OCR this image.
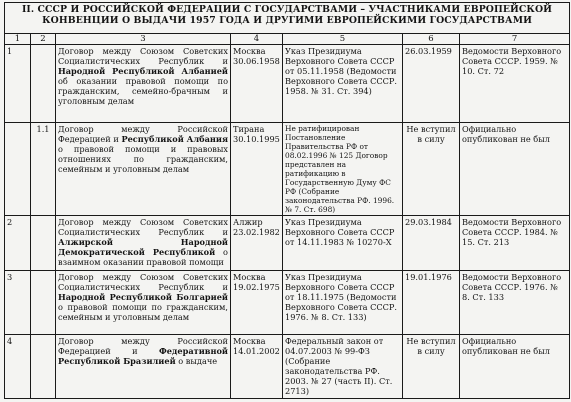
II. СССР И РОССИЙСКОЙ ФЕДЕРАЦИИ С ГОСУДАРСТВАМИ – УЧАСТНИКАМИ ЕВРОПЕЙСКОЙ КОНВЕНЦИИ О ВЫДАЧИ 1957 ГОДА И ДРУГИМИ ЕВРОПЕЙСКИМИ ГОСУДАРСТВАМИ						
1	2	3	4	5	6	7
1		Договор между Союзом Советских Социалистических Республик и Народной Республикой Албанией об оказании правовой помощи по гражданским, семейно-брачным и уголовным делам	Москва 30.06.1958	Указ Президиума Верховного Совета СССР от 05.11.1958 (Ведомости Верховного Совета СССР. 1958. № 31. Ст. 394)	26.03.1959	Ведомости Верховного Совета СССР. 1959. № 10. Ст. 72
	1.1	Договор между Российской Федерацией и Республикой Албания о правовой помощи и правовых отношениях по гражданским, семейным и уголовным делам	Тирана 30.10.1995	Не ратифицирован Постановление Правительства РФ от 08.02.1996 № 125 Договор представлен на ратификацию в Государственную Думу ФС РФ (Собрание законодательства РФ. 1996. № 7. Ст. 698)	Не вступил в силу	Официально опубликован не был
2		Договор между Союзом Советских Социалистических Республик и Алжирской Народной Демократической Республикой о взаимном оказании правовой помощи	Алжир 23.02.1982	Указ Президиума Верховного Совета СССР от 14.11.1983 № 10270-Х	29.03.1984	Ведомости Верховного Совета СССР. 1984. № 15. Ст. 213
3		Договор между Союзом Советских Социалистических Республик и Народной Республикой Болгарией о правовой помощи по гражданским, семейным и уголовным делам	Москва 19.02.1975	Указ Президиума Верховного Совета СССР от 18.11.1975 (Ведомости Верховного Совета СССР. 1976. № 8. Ст. 133)	19.01.1976	Ведомости Верховного Совета СССР. 1976. № 8. Ст. 133
4		Договор между Российской Федерацией и Федеративной Республикой Бразилией о выдаче	Москва 14.01.2002	Федеральный закон от 04.07.2003 № 99-ФЗ (Собрание законодательства РФ. 2003. № 27 (часть II). Ст. 2713)	Не вступил в силу	Официально опубликован не был
